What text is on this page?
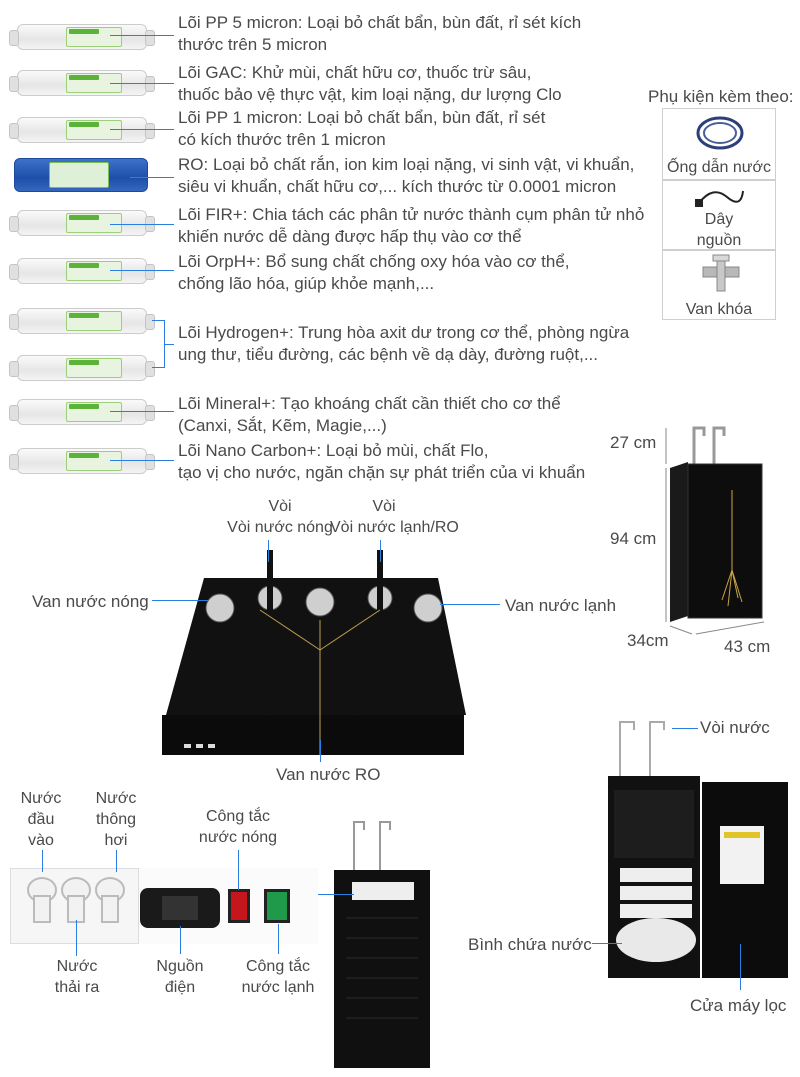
Lõi PP 5 micron: Loại bỏ chất bẩn, bùn đất, rỉ sét kích
thước trên 5 micron
Lõi GAC: Khử mùi, chất hữu cơ, thuốc trừ sâu,
thuốc bảo vệ thực vật, kim loại nặng, dư lượng Clo
Lõi PP 1 micron: Loại bỏ chất bẩn, bùn đất, rỉ sét
có kích thước trên 1 micron
RO: Loại bỏ chất rắn, ion kim loại nặng, vi sinh vật, vi khuẩn,
siêu vi khuẩn, chất hữu cơ,... kích thước từ 0.0001 micron
Lõi FIR+: Chia tách các phân tử nước thành cụm phân tử nhỏ
khiến nước dễ dàng được hấp thụ vào cơ thể
Lõi OrpH+: Bổ sung chất chống oxy hóa vào cơ thể,
chống lão hóa, giúp khỏe mạnh,...
Lõi Hydrogen+: Trung hòa axit dư trong cơ thể, phòng ngừa
ung thư, tiểu đường, các bệnh về dạ dày, đường ruột,...
Lõi Mineral+: Tạo khoáng chất cần thiết cho cơ thể
(Canxi, Sắt, Kẽm, Magie,...)
Lõi Nano Carbon+: Loại bỏ mùi, chất Flo,
tạo vị cho nước, ngăn chặn sự phát triển của vi khuẩn
Phụ kiện kèm theo:
Ống dẫn nước
Dây nguồn
Van khóa
27 cm
94 cm
34cm	43 cm
Vòi
Vòi nước nóng
Vòi nước lạnh/RO
Vòi
Van nước nóng	Van nước lạnh
Van nước RO
Nước đầu vào
Nước thông hơi
Công tắc nước nóng
Nước thải ra
Nguồn điện
Công tắc nước lạnh
Vòi nước
Bình chứa nước
Cửa máy lọc
